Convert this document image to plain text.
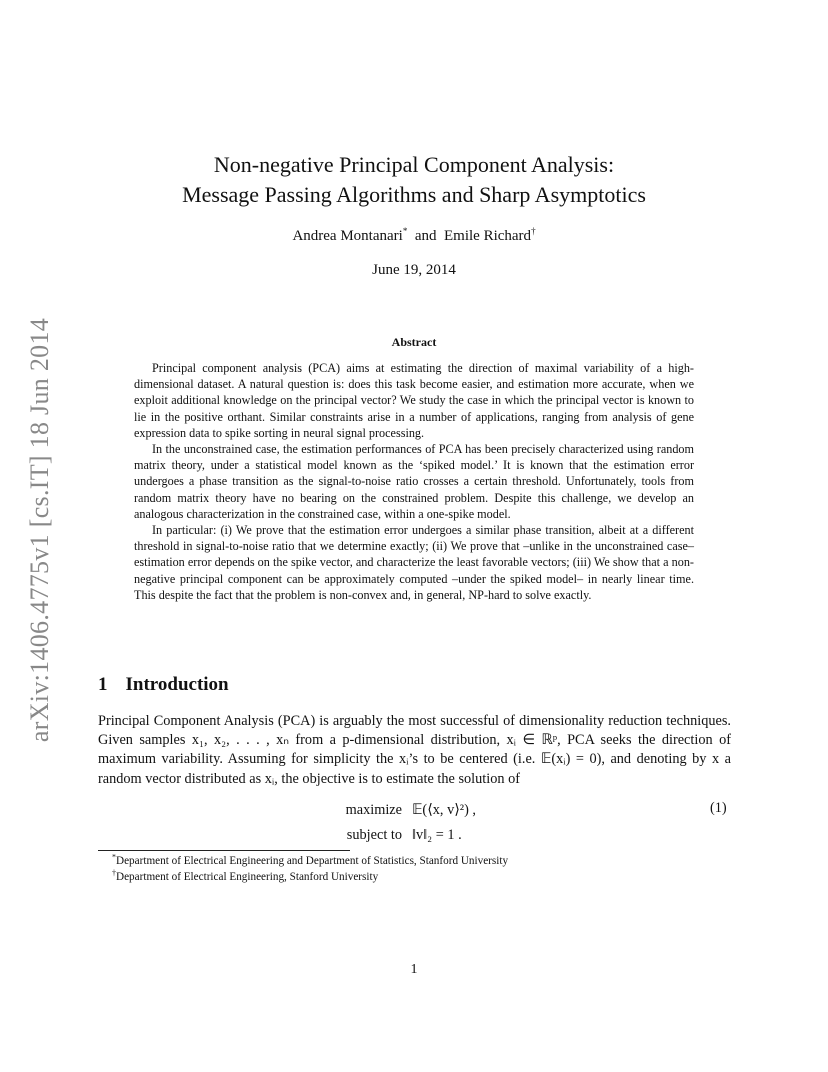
arXiv:1406.4775v1 [cs.IT] 18 Jun 2014
Non-negative Principal Component Analysis:
Message Passing Algorithms and Sharp Asymptotics
Andrea Montanari* and Emile Richard†
June 19, 2014
Abstract

Principal component analysis (PCA) aims at estimating the direction of maximal variability of a high-dimensional dataset. A natural question is: does this task become easier, and estimation more accurate, when we exploit additional knowledge on the principal vector? We study the case in which the principal vector is known to lie in the positive orthant. Similar constraints arise in a number of applications, ranging from analysis of gene expression data to spike sorting in neural signal processing.

In the unconstrained case, the estimation performances of PCA has been precisely characterized using random matrix theory, under a statistical model known as the ‘spiked model.’ It is known that the estimation error undergoes a phase transition as the signal-to-noise ratio crosses a certain threshold. Unfortunately, tools from random matrix theory have no bearing on the constrained problem. Despite this challenge, we develop an analogous characterization in the constrained case, within a one-spike model.

In particular: (i) We prove that the estimation error undergoes a similar phase transition, albeit at a different threshold in signal-to-noise ratio that we determine exactly; (ii) We prove that –unlike in the unconstrained case– estimation error depends on the spike vector, and characterize the least favorable vectors; (iii) We show that a non-negative principal component can be approximately computed –under the spiked model– in nearly linear time. This despite the fact that the problem is non-convex and, in general, NP-hard to solve exactly.

1 Introduction

Principal Component Analysis (PCA) is arguably the most successful of dimensionality reduction techniques. Given samples x₁, x₂, . . . , xₙ from a p-dimensional distribution, xᵢ ∈ ℝᵖ, PCA seeks the direction of maximum variability. Assuming for simplicity the xᵢ’s to be centered (i.e. 𝔼(xᵢ) = 0), and denoting by x a random vector distributed as xᵢ, the objective is to estimate the solution of

maximize 𝔼(⟨x, v⟩²) ,
subject to ‖v‖₂ = 1 .
(1)
*Department of Electrical Engineering and Department of Statistics, Stanford University
†Department of Electrical Engineering, Stanford University
1
